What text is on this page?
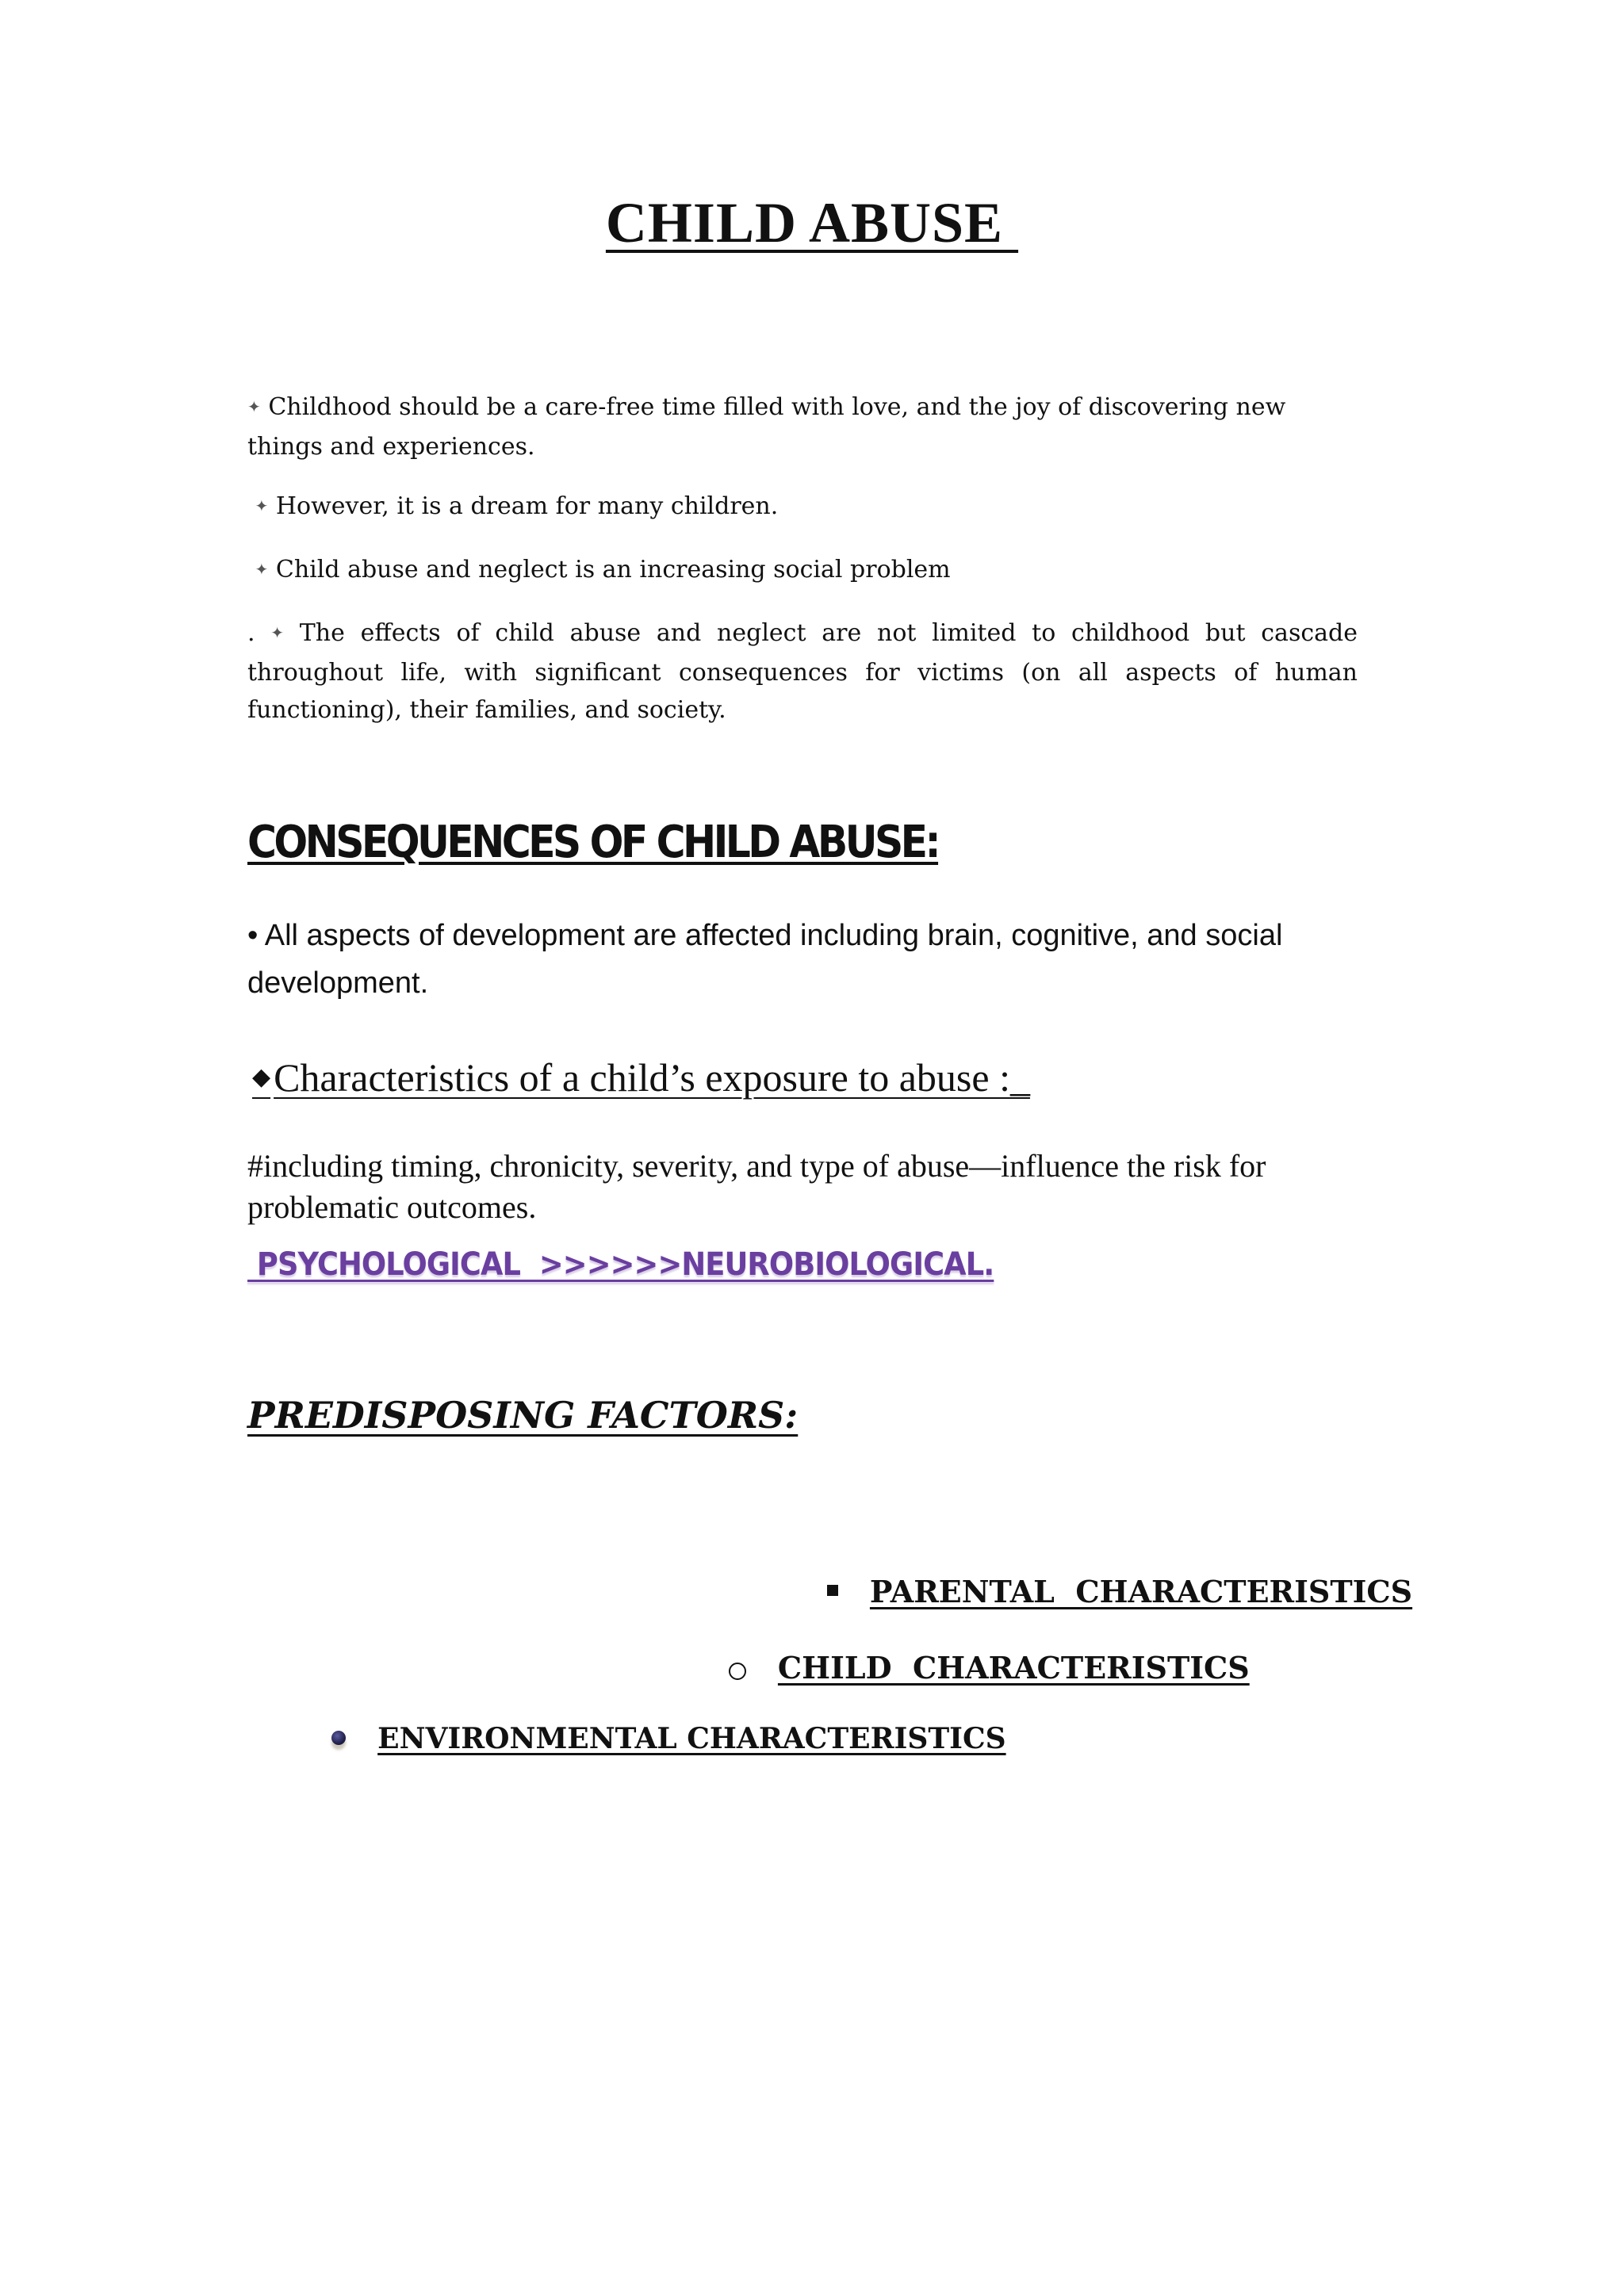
CHILD ABUSE
✦ Childhood should be a care-free time filled with love, and the joy of discovering new things and experiences.
✦ However, it is a dream for many children.
✦ Child abuse and neglect is an increasing social problem
. ✦ The effects of child abuse and neglect are not limited to childhood but cascade throughout life, with significant consequences for victims (on all aspects of human functioning), their families, and society.
CONSEQUENCES OF CHILD ABUSE:
• All aspects of development are affected including brain, cognitive, and social development.
◆Characteristics of a child’s exposure to abuse :_
#including timing, chronicity, severity, and type of abuse—influence the risk for problematic outcomes.
PSYCHOLOGICAL  >>>>>>NEUROBIOLOGICAL.
PREDISPOSING FACTORS:

PARENTAL  CHARACTERISTICS

CHILD  CHARACTERISTICS

ENVIRONMENTAL CHARACTERISTICS
